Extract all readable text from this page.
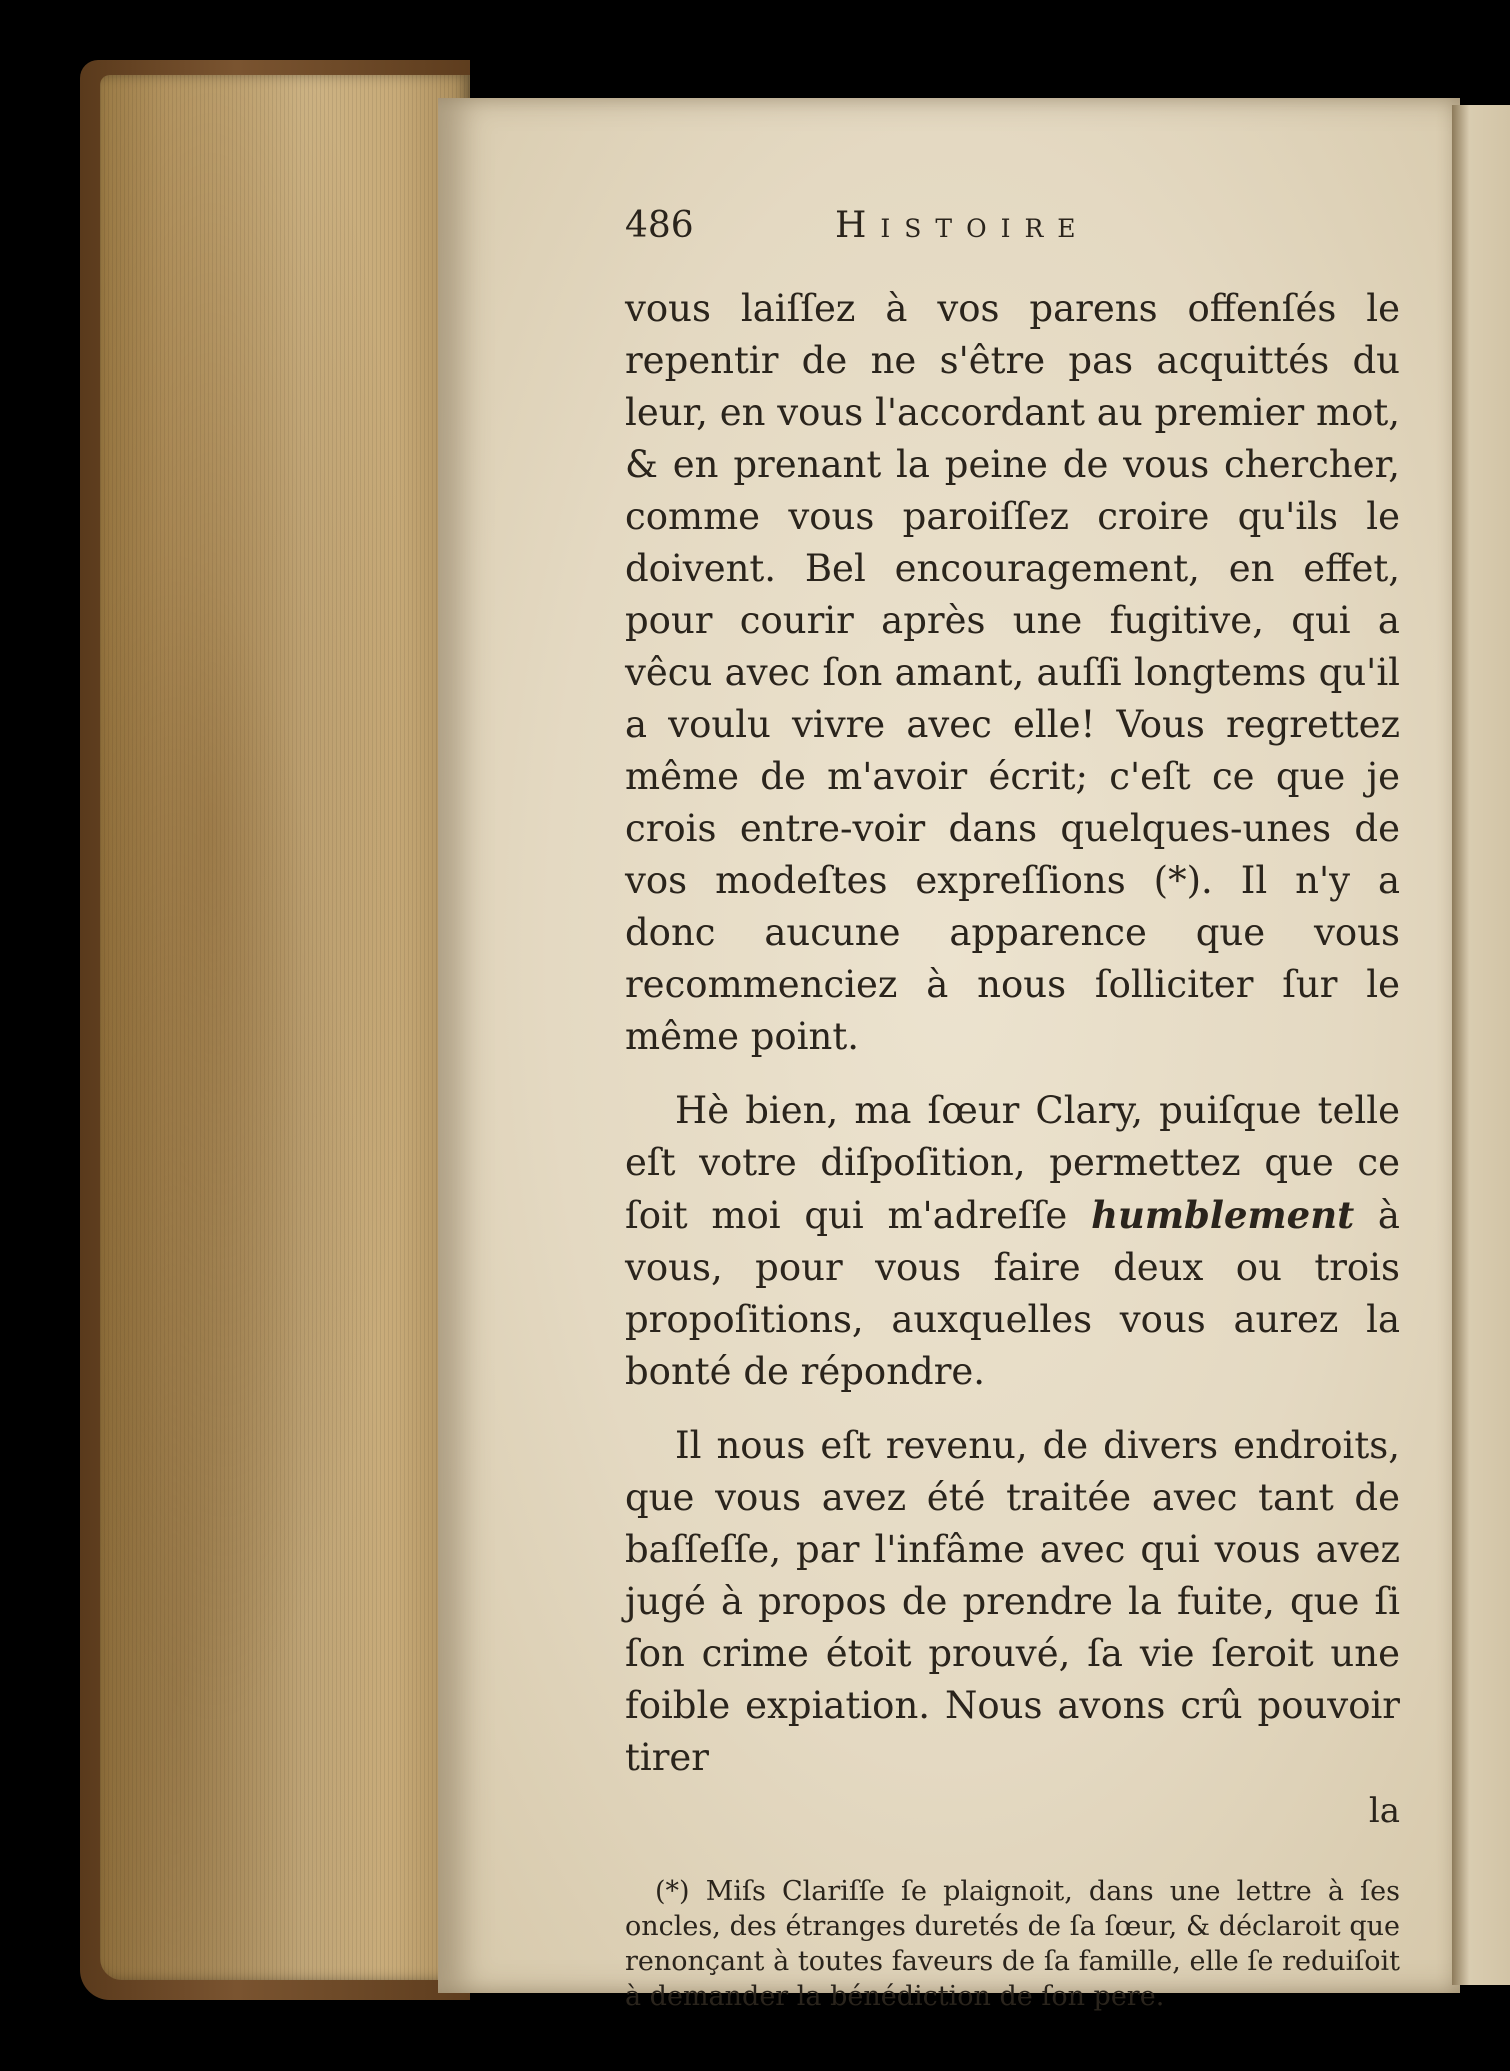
486	Histoire

vous laiſſez à vos parens offenſés le repentir de ne s'être pas acquittés du leur, en vous l'accordant au premier mot, & en prenant la peine de vous chercher, comme vous paroiſſez croire qu'ils le doivent. Bel encouragement, en effet, pour courir après une fugitive, qui a vêcu avec ſon amant, auſſi longtems qu'il a voulu vivre avec elle! Vous regrettez même de m'avoir écrit; c'eſt ce que je crois entre-voir dans quelques-unes de vos modeſtes expreſſions (*). Il n'y a donc aucune apparence que vous recommenciez à nous ſolliciter ſur le même point.

Hè bien, ma ſœur Clary, puiſque telle eſt votre diſpoſition, permettez que ce ſoit moi qui m'adreſſe humblement à vous, pour vous faire deux ou trois propoſitions, auxquelles vous aurez la bonté de répondre.

Il nous eſt revenu, de divers endroits, que vous avez été traitée avec tant de baſſeſſe, par l'infâme avec qui vous avez jugé à propos de prendre la fuite, que ſi ſon crime étoit prouvé, ſa vie ſeroit une foible expiation. Nous avons crû pouvoir tirer

la
(*) Miſs Clariſſe ſe plaignoit, dans une lettre à ſes oncles, des étranges duretés de ſa ſœur, & déclaroit que renonçant à toutes faveurs de ſa famille, elle ſe reduiſoit à demander la bénédiction de ſon pere.
